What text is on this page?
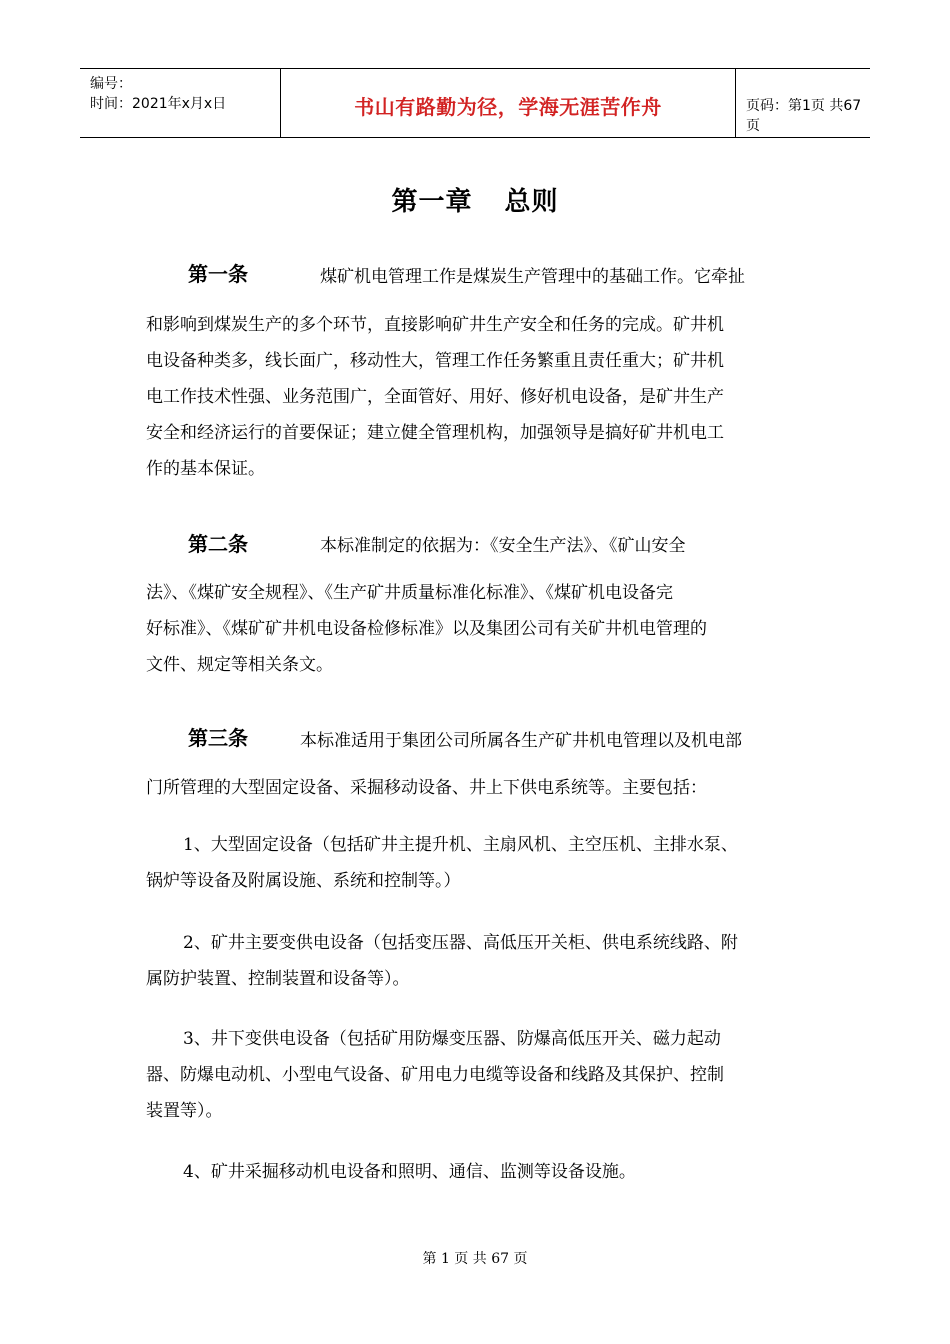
编号：
时间：2021年x月x日	书山有路勤为径，学海无涯苦作舟	页码：第1页 共67页
第一章 总则
第一条	煤矿机电管理工作是煤炭生产管理中的基础工作。它牵扯
和影响到煤炭生产的多个环节，直接影响矿井生产安全和任务的完成。矿井机
电设备种类多，线长面广，移动性大，管理工作任务繁重且责任重大；矿井机
电工作技术性强、业务范围广，全面管好、用好、修好机电设备，是矿井生产
安全和经济运行的首要保证；建立健全管理机构，加强领导是搞好矿井机电工
作的基本保证。
第二条	本标准制定的依据为：《安全生产法》、《矿山安全
法》、《煤矿安全规程》、《生产矿井质量标准化标准》、《煤矿机电设备完
好标准》、《煤矿矿井机电设备检修标准》以及集团公司有关矿井机电管理的
文件、规定等相关条文。
第三条	本标准适用于集团公司所属各生产矿井机电管理以及机电部
门所管理的大型固定设备、采掘移动设备、井上下供电系统等。主要包括：
1、大型固定设备（包括矿井主提升机、主扇风机、主空压机、主排水泵、
锅炉等设备及附属设施、系统和控制等。）
2、矿井主要变供电设备（包括变压器、高低压开关柜、供电系统线路、附
属防护装置、控制装置和设备等）。
3、井下变供电设备（包括矿用防爆变压器、防爆高低压开关、磁力起动
器、防爆电动机、小型电气设备、矿用电力电缆等设备和线路及其保护、控制
装置等）。
4、矿井采掘移动机电设备和照明、通信、监测等设备设施。
第 1 页 共 67 页
